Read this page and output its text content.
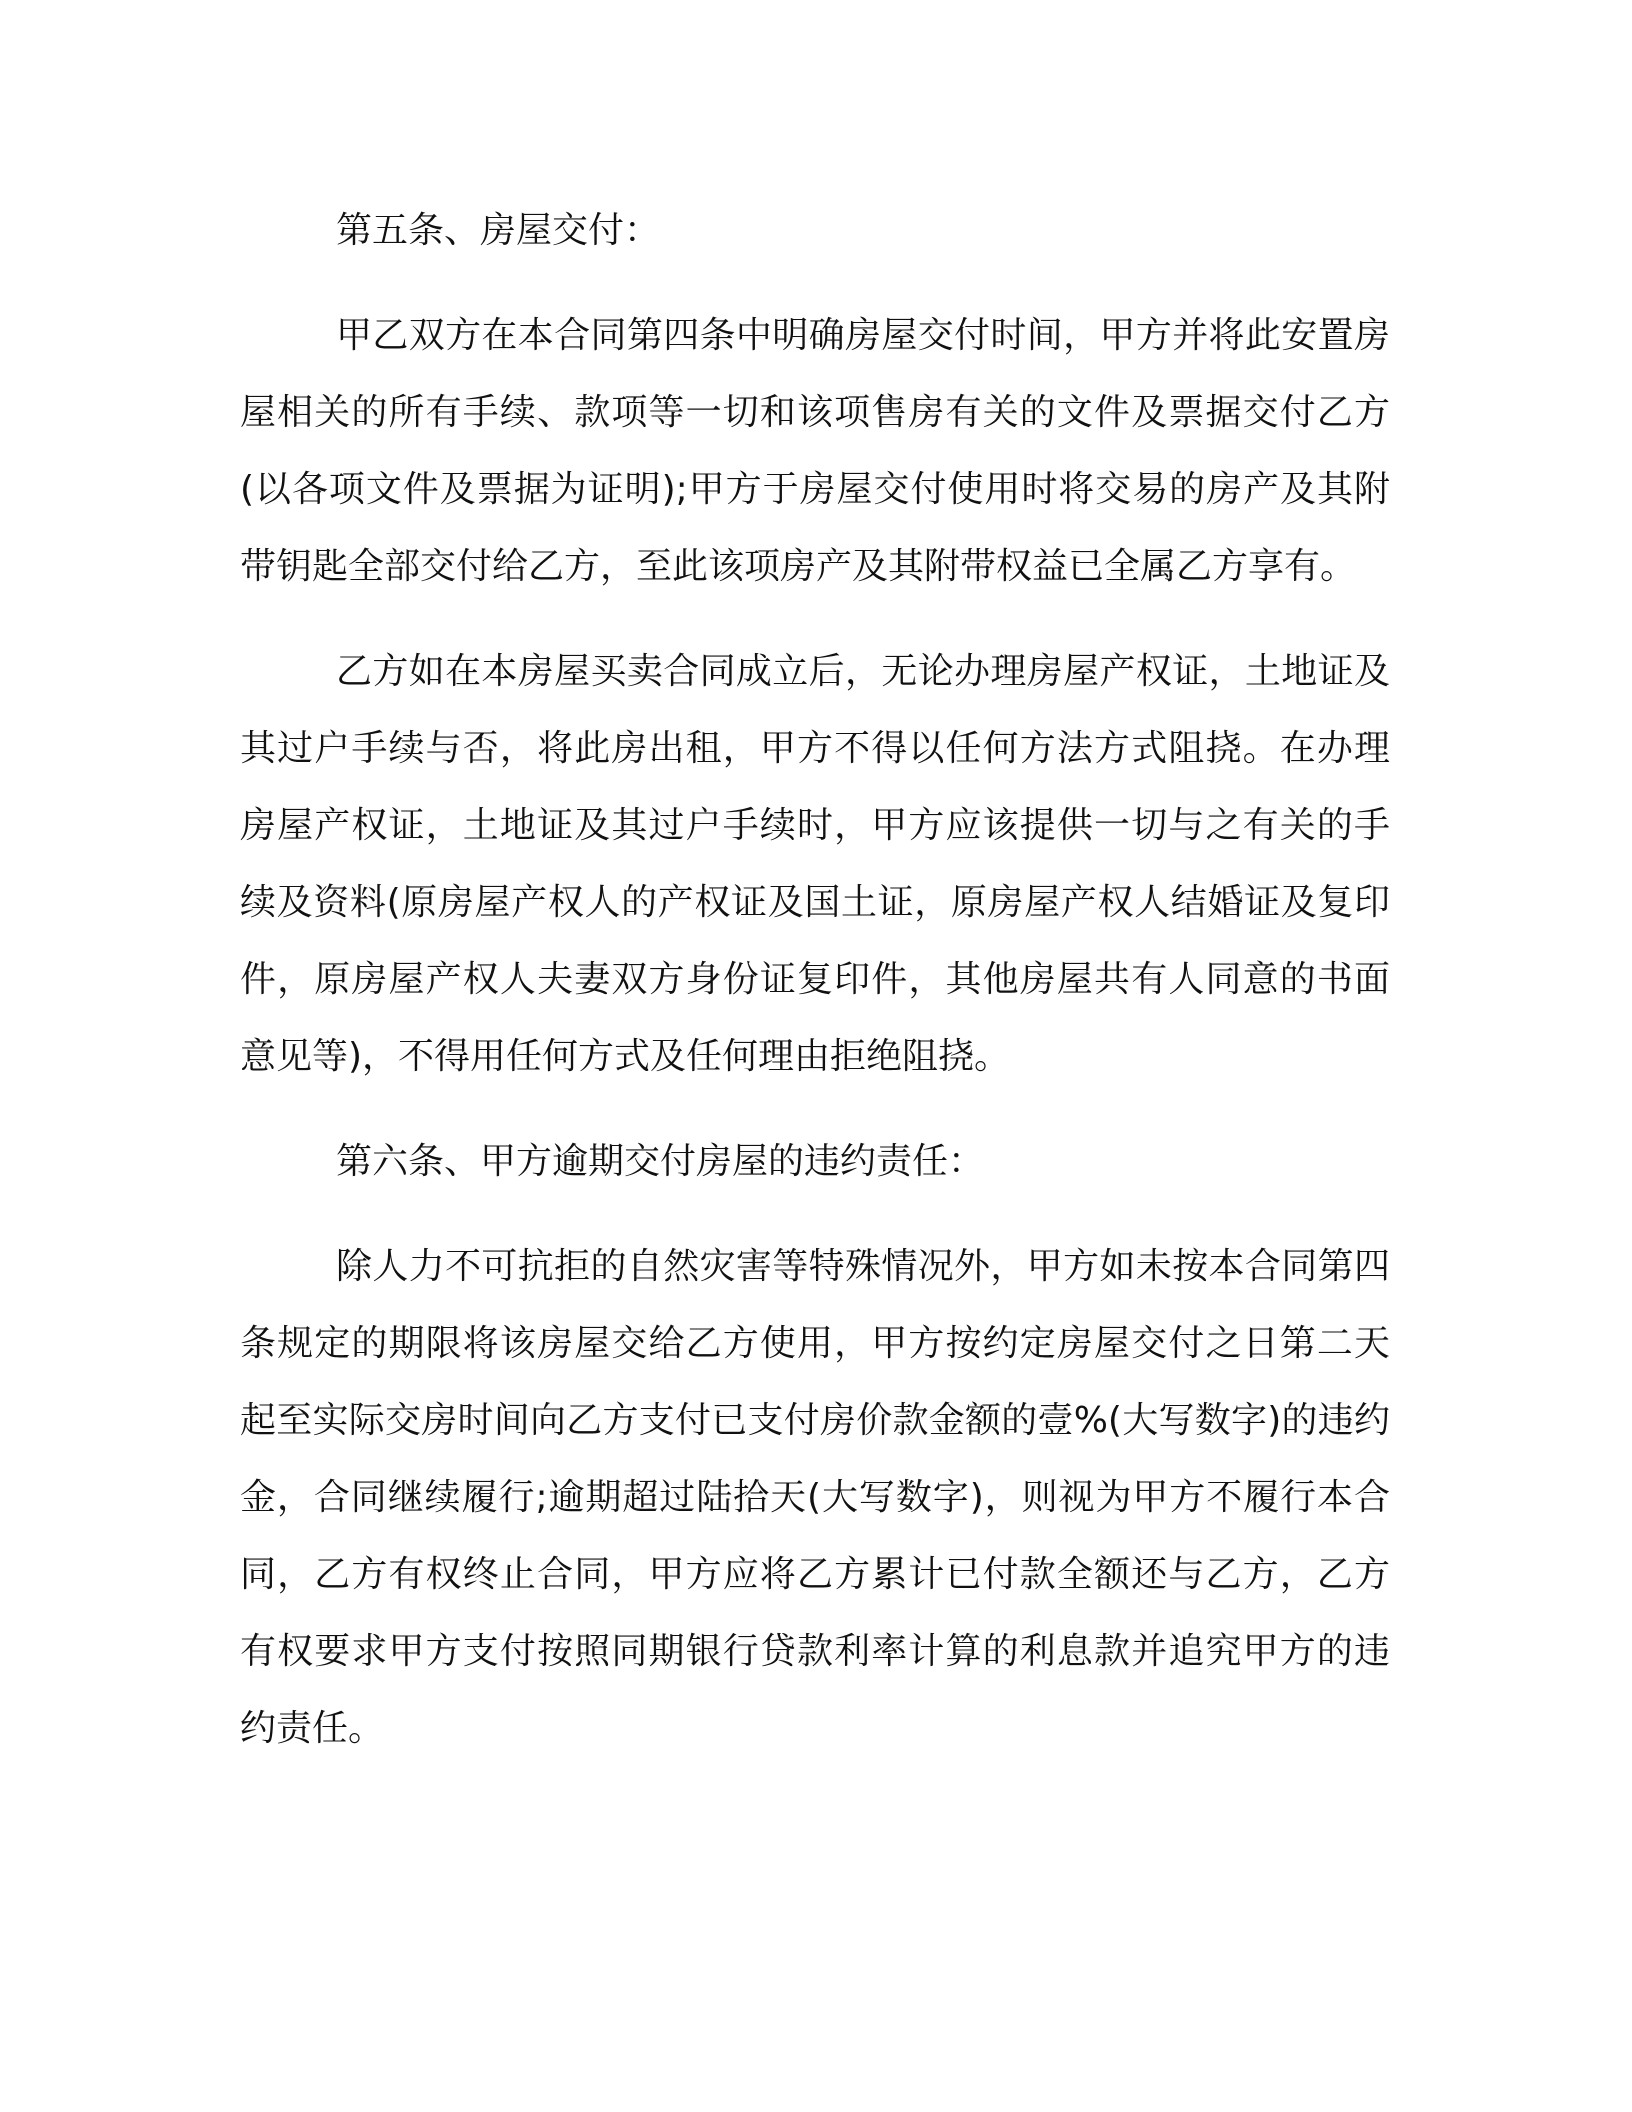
第五条、房屋交付：

甲乙双方在本合同第四条中明确房屋交付时间，甲方并将此安置房屋相关的所有手续、款项等一切和该项售房有关的文件及票据交付乙方(以各项文件及票据为证明);甲方于房屋交付使用时将交易的房产及其附带钥匙全部交付给乙方，至此该项房产及其附带权益已全属乙方享有。

乙方如在本房屋买卖合同成立后，无论办理房屋产权证，土地证及其过户手续与否，将此房出租，甲方不得以任何方法方式阻挠。在办理房屋产权证，土地证及其过户手续时，甲方应该提供一切与之有关的手续及资料(原房屋产权人的产权证及国土证，原房屋产权人结婚证及复印件，原房屋产权人夫妻双方身份证复印件，其他房屋共有人同意的书面意见等)，不得用任何方式及任何理由拒绝阻挠。

第六条、甲方逾期交付房屋的违约责任：

除人力不可抗拒的自然灾害等特殊情况外，甲方如未按本合同第四条规定的期限将该房屋交给乙方使用，甲方按约定房屋交付之日第二天起至实际交房时间向乙方支付已支付房价款金额的壹%(大写数字)的违约金，合同继续履行;逾期超过陆拾天(大写数字)，则视为甲方不履行本合同，乙方有权终止合同，甲方应将乙方累计已付款全额还与乙方，乙方有权要求甲方支付按照同期银行贷款利率计算的利息款并追究甲方的违约责任。
